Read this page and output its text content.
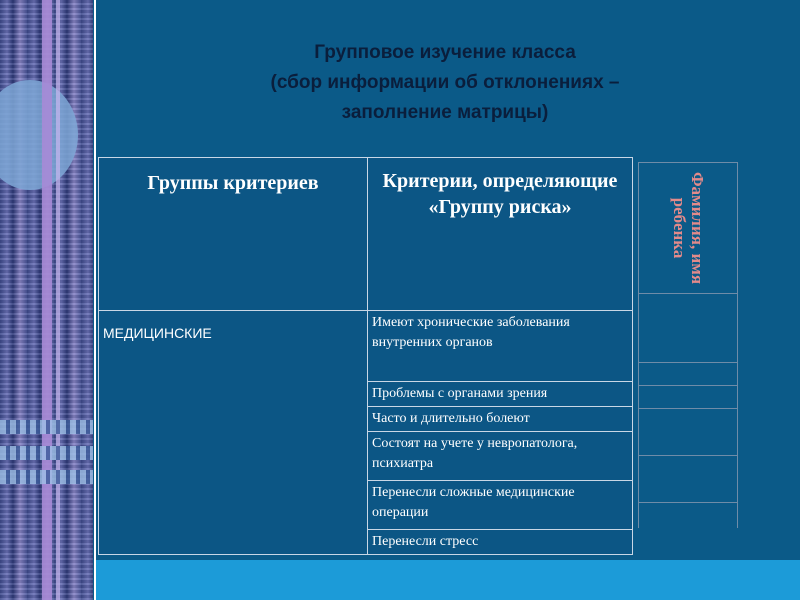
Групповое изучение класса
(сбор информации об отклонениях –
заполнение матрицы)
Группы критериев	Критерии, определяющие «Группу риска»
МЕДИЦИНСКИЕ	Имеют хронические заболевания внутренних органов
	Проблемы с органами зрения
	Часто и длительно болеют
	Состоят на учете у невропатолога, психиатра
	Перенесли сложные медицинские операции
	Перенесли стресс
Фамилия, имя ребенка
